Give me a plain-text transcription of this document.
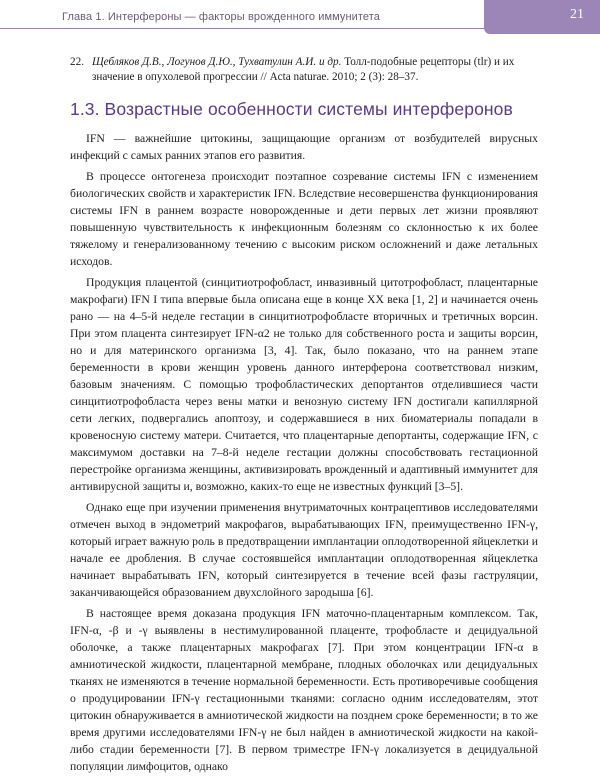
Глава 1. Интерфероны — факторы врожденного иммунитета	21
22. Щебляков Д.В., Логунов Д.Ю., Тухватулин А.И. и др. Толл-подобные рецепторы (tlr) и их значение в опухолевой прогрессии // Acta naturae. 2010; 2 (3): 28–37.
1.3. Возрастные особенности системы интерферонов

IFN — важнейшие цитокины, защищающие организм от возбудителей вирусных инфекций с самых ранних этапов его развития.

В процессе онтогенеза происходит поэтапное созревание системы IFN с изменением биологических свойств и характеристик IFN. Вследствие несовершенства функционирования системы IFN в раннем возрасте новорожденные и дети первых лет жизни проявляют повышенную чувствительность к инфекционным болезням со склонностью к их более тяжелому и генерализованному течению с высоким риском осложнений и даже летальных исходов.

Продукция плацентой (синцитиотрофобласт, инвазивный цитотрофобласт, плацентарные макрофаги) IFN I типа впервые была описана еще в конце XX века [1, 2] и начинается очень рано — на 4–5-й неделе гестации в синцитиотрофобласте вторичных и третичных ворсин. При этом плацента синтезирует IFN-α2 не только для собственного роста и защиты ворсин, но и для материнского организма [3, 4]. Так, было показано, что на раннем этапе беременности в крови женщин уровень данного интерферона соответствовал низким, базовым значениям. С помощью трофобластических депортантов отделившиеся части синцитиотрофобласта через вены матки и венозную систему IFN достигали капиллярной сети легких, подвергались апоптозу, и содержавшиеся в них биоматериалы попадали в кровеносную систему матери. Считается, что плацентарные депортанты, содержащие IFN, с максимумом доставки на 7–8-й неделе гестации должны способствовать гестационной перестройке организма женщины, активизировать врожденный и адаптивный иммунитет для антивирусной защиты и, возможно, каких-то еще не известных функций [3–5].

Однако еще при изучении применения внутриматочных контрацептивов исследователями отмечен выход в эндометрий макрофагов, вырабатывающих IFN, преимущественно IFN-γ, который играет важную роль в предотвращении имплантации оплодотворенной яйцеклетки и начале ее дробления. В случае состоявшейся имплантации оплодотворенная яйцеклетка начинает вырабатывать IFN, который синтезируется в течение всей фазы гаструляции, заканчивающейся образованием двухслойного зародыша [6].

В настоящее время доказана продукция IFN маточно-плацентарным комплексом. Так, IFN-α, -β и -γ выявлены в нестимулированной плаценте, трофобласте и децидуальной оболочке, а также плацентарных макрофагах [7]. При этом концентрации IFN-α в амниотической жидкости, плацентарной мембране, плодных оболочках или децидуальных тканях не изменяются в течение нормальной беременности. Есть противоречивые сообщения о продуцировании IFN-γ гестационными тканями: согласно одним исследователям, этот цитокин обнаруживается в амниотической жидкости на позднем сроке беременности; в то же время другими исследователями IFN-γ не был найден в амниотической жидкости на какой-либо стадии беременности [7]. В первом триместре IFN-γ локализуется в децидуальной популяции лимфоцитов, однако
